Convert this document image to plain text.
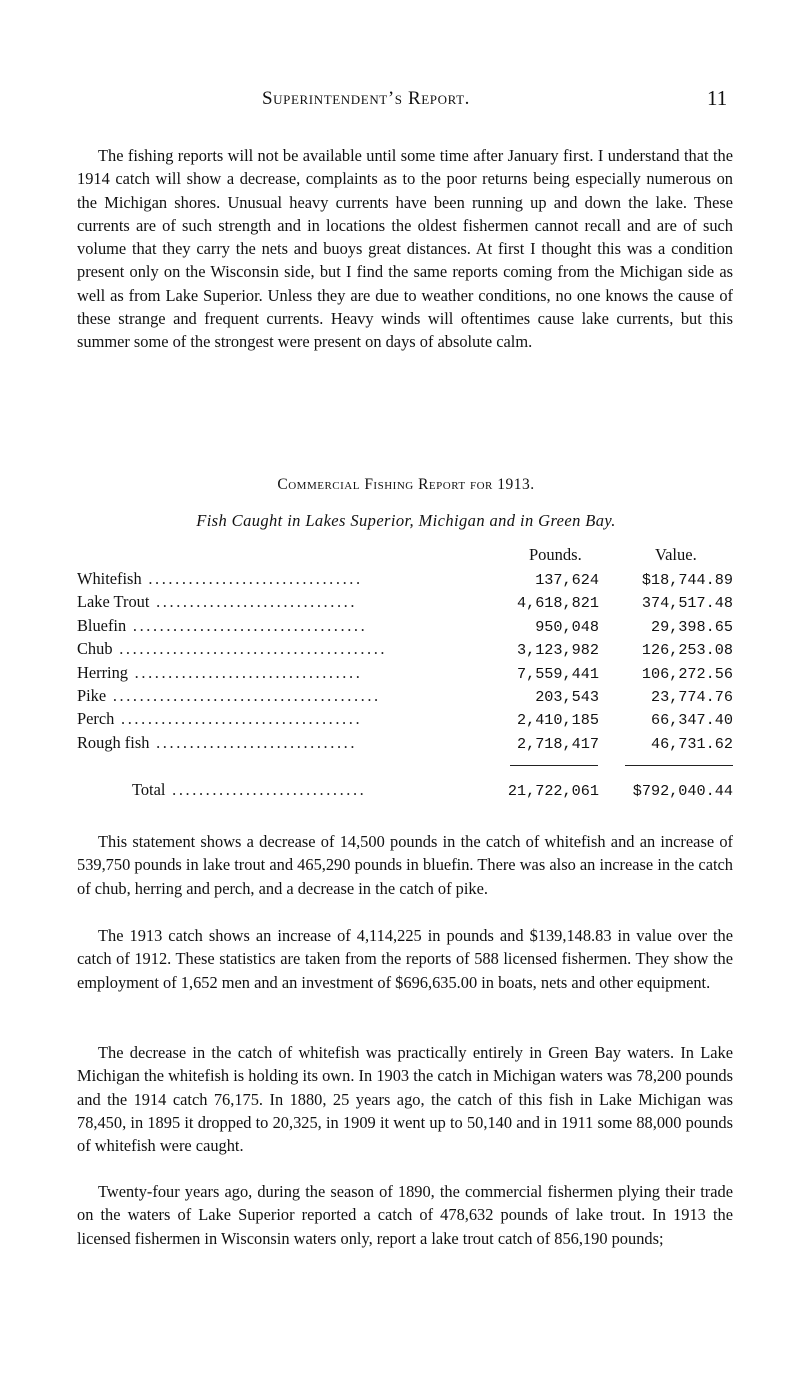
Superintendent’s Report.	11

The fishing reports will not be available until some time after January first. I understand that the 1914 catch will show a decrease, complaints as to the poor returns being especially numerous on the Michigan shores. Unusual heavy currents have been running up and down the lake. These currents are of such strength and in locations the oldest fishermen cannot recall and are of such volume that they carry the nets and buoys great distances. At first I thought this was a condition present only on the Wisconsin side, but I find the same reports coming from the Michigan side as well as from Lake Superior. Unless they are due to weather conditions, no one knows the cause of these strange and frequent currents. Heavy winds will oftentimes cause lake currents, but this summer some of the strongest were present on days of absolute calm.

Commercial Fishing Report for 1913.
Fish Caught in Lakes Superior, Michigan and in Green Bay.
Pounds.	Value.
Whitefish ................................	137,624	$18,744.89
Lake Trout ..............................	4,618,821	374,517.48
Bluefin ...................................	950,048	29,398.65
Chub ........................................	3,123,982	126,253.08
Herring ..................................	7,559,441	106,272.56
Pike ........................................	203,543	23,774.76
Perch ....................................	2,410,185	66,347.40
Rough fish ..............................	2,718,417	46,731.62
Total .............................	21,722,061	$792,040.44

This statement shows a decrease of 14,500 pounds in the catch of whitefish and an increase of 539,750 pounds in lake trout and 465,290 pounds in bluefin. There was also an increase in the catch of chub, herring and perch, and a decrease in the catch of pike.

The 1913 catch shows an increase of 4,114,225 in pounds and $139,148.83 in value over the catch of 1912. These statistics are taken from the reports of 588 licensed fishermen. They show the employment of 1,652 men and an investment of $696,635.00 in boats, nets and other equipment.

The decrease in the catch of whitefish was practically entirely in Green Bay waters. In Lake Michigan the whitefish is holding its own. In 1903 the catch in Michigan waters was 78,200 pounds and the 1914 catch 76,175. In 1880, 25 years ago, the catch of this fish in Lake Michigan was 78,450, in 1895 it dropped to 20,325, in 1909 it went up to 50,140 and in 1911 some 88,000 pounds of whitefish were caught.

Twenty-four years ago, during the season of 1890, the commercial fishermen plying their trade on the waters of Lake Superior reported a catch of 478,632 pounds of lake trout. In 1913 the licensed fishermen in Wisconsin waters only, report a lake trout catch of 856,190 pounds;
